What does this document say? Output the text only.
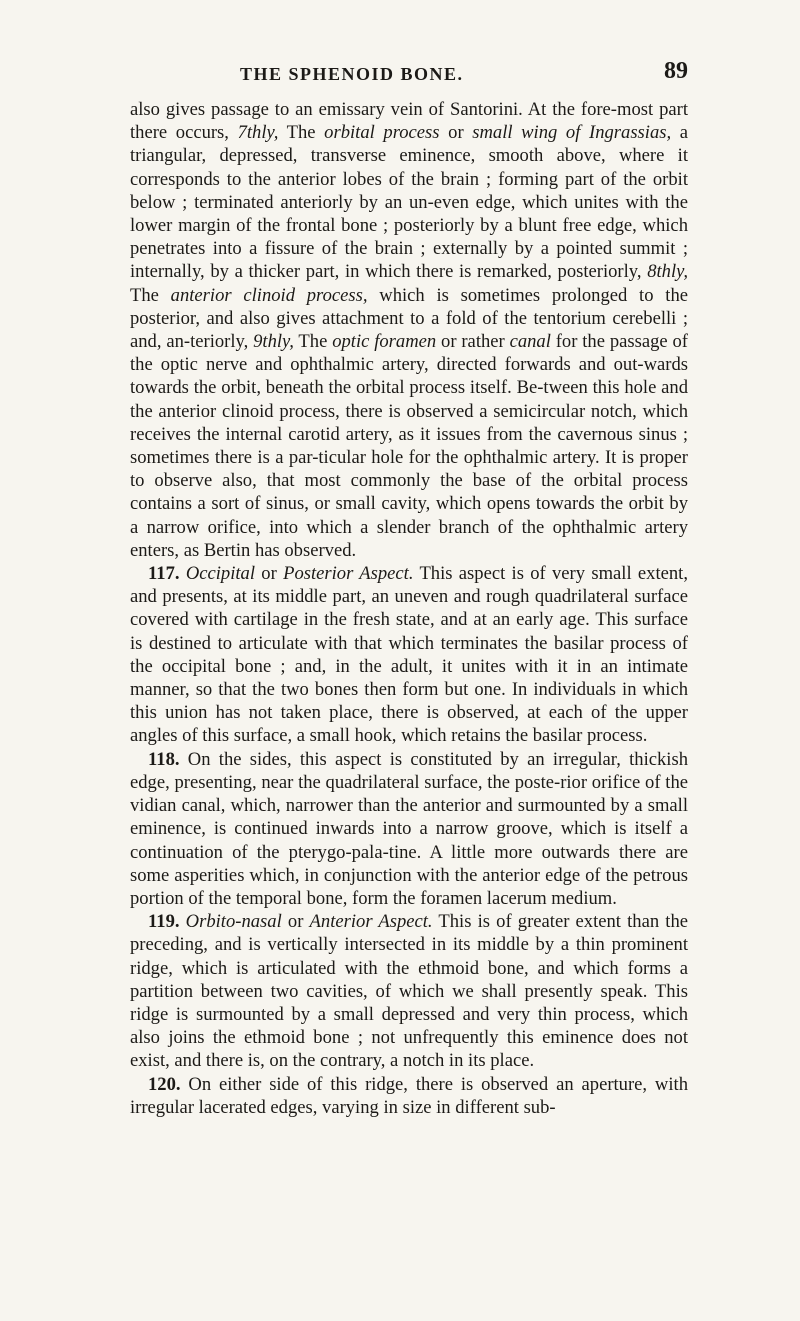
THE SPHENOID BONE.	89

also gives passage to an emissary vein of Santorini. At the fore-most part there occurs, 7thly, The orbital process or small wing of Ingrassias, a triangular, depressed, transverse eminence, smooth above, where it corresponds to the anterior lobes of the brain ; forming part of the orbit below ; terminated anteriorly by an un-even edge, which unites with the lower margin of the frontal bone ; posteriorly by a blunt free edge, which penetrates into a fissure of the brain ; externally by a pointed summit ; internally, by a thicker part, in which there is remarked, posteriorly, 8thly, The anterior clinoid process, which is sometimes prolonged to the posterior, and also gives attachment to a fold of the tentorium cerebelli ; and, an-teriorly, 9thly, The optic foramen or rather canal for the passage of the optic nerve and ophthalmic artery, directed forwards and out-wards towards the orbit, beneath the orbital process itself. Be-tween this hole and the anterior clinoid process, there is observed a semicircular notch, which receives the internal carotid artery, as it issues from the cavernous sinus ; sometimes there is a par-ticular hole for the ophthalmic artery. It is proper to observe also, that most commonly the base of the orbital process contains a sort of sinus, or small cavity, which opens towards the orbit by a narrow orifice, into which a slender branch of the ophthalmic artery enters, as Bertin has observed.

117. Occipital or Posterior Aspect. This aspect is of very small extent, and presents, at its middle part, an uneven and rough quadrilateral surface covered with cartilage in the fresh state, and at an early age. This surface is destined to articulate with that which terminates the basilar process of the occipital bone ; and, in the adult, it unites with it in an intimate manner, so that the two bones then form but one. In individuals in which this union has not taken place, there is observed, at each of the upper angles of this surface, a small hook, which retains the basilar process.

118. On the sides, this aspect is constituted by an irregular, thickish edge, presenting, near the quadrilateral surface, the poste-rior orifice of the vidian canal, which, narrower than the anterior and surmounted by a small eminence, is continued inwards into a narrow groove, which is itself a continuation of the pterygo-pala-tine. A little more outwards there are some asperities which, in conjunction with the anterior edge of the petrous portion of the temporal bone, form the foramen lacerum medium.

119. Orbito-nasal or Anterior Aspect. This is of greater extent than the preceding, and is vertically intersected in its middle by a thin prominent ridge, which is articulated with the ethmoid bone, and which forms a partition between two cavities, of which we shall presently speak. This ridge is surmounted by a small depressed and very thin process, which also joins the ethmoid bone ; not unfrequently this eminence does not exist, and there is, on the contrary, a notch in its place.

120. On either side of this ridge, there is observed an aperture, with irregular lacerated edges, varying in size in different sub-
